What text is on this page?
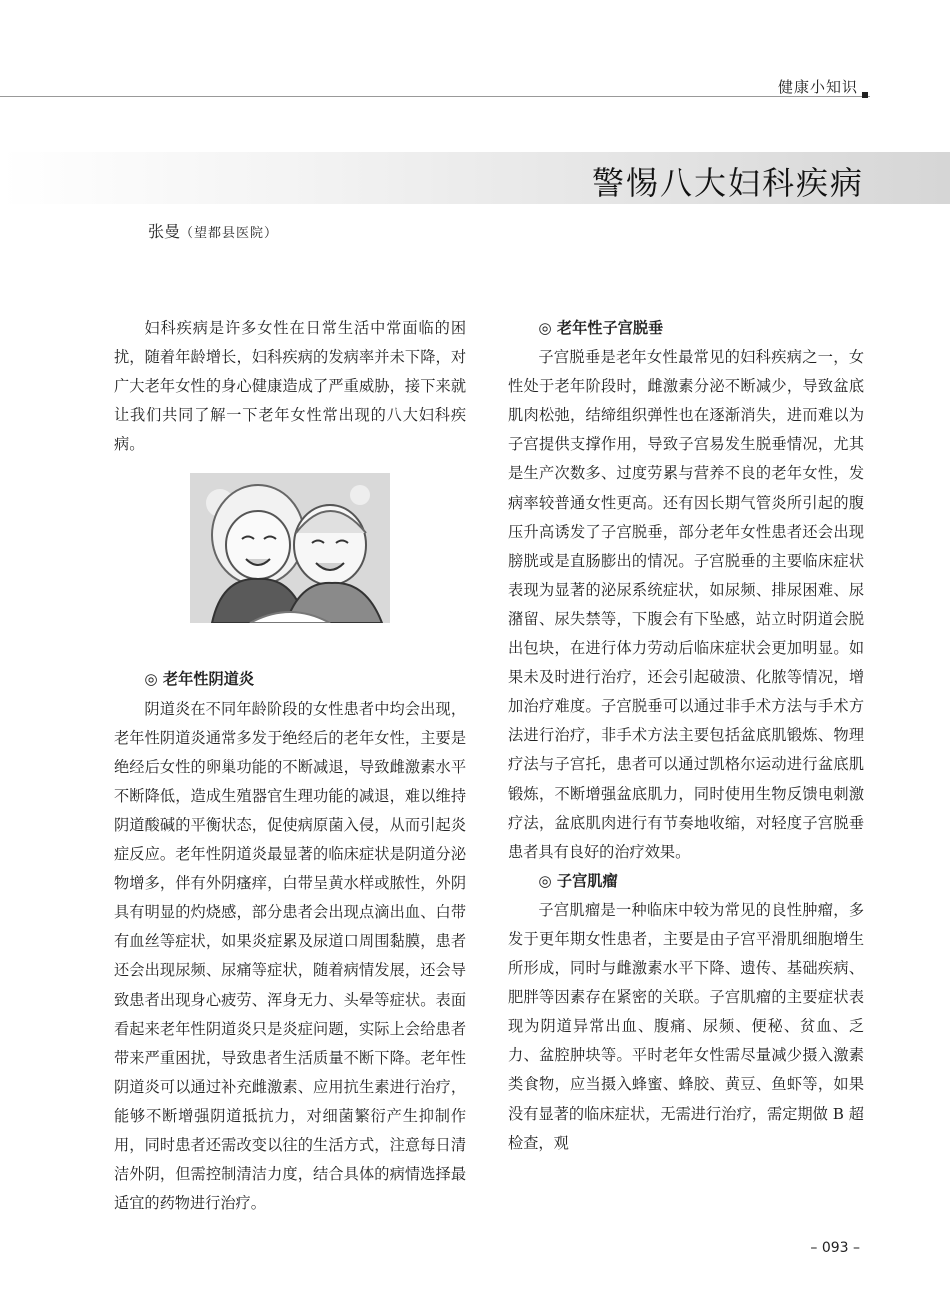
健康小知识
警惕八大妇科疾病
张曼（望都县医院）

妇科疾病是许多女性在日常生活中常面临的困扰，随着年龄增长，妇科疾病的发病率并未下降，对广大老年女性的身心健康造成了严重威胁，接下来就让我们共同了解一下老年女性常出现的八大妇科疾病。

◎ 老年性阴道炎

阴道炎在不同年龄阶段的女性患者中均会出现，老年性阴道炎通常多发于绝经后的老年女性，主要是绝经后女性的卵巢功能的不断减退，导致雌激素水平不断降低，造成生殖器官生理功能的减退，难以维持阴道酸碱的平衡状态，促使病原菌入侵，从而引起炎症反应。老年性阴道炎最显著的临床症状是阴道分泌物增多，伴有外阴瘙痒，白带呈黄水样或脓性，外阴具有明显的灼烧感，部分患者会出现点滴出血、白带有血丝等症状，如果炎症累及尿道口周围黏膜，患者还会出现尿频、尿痛等症状，随着病情发展，还会导致患者出现身心疲劳、浑身无力、头晕等症状。表面看起来老年性阴道炎只是炎症问题，实际上会给患者带来严重困扰，导致患者生活质量不断下降。老年性阴道炎可以通过补充雌激素、应用抗生素进行治疗，能够不断增强阴道抵抗力，对细菌繁衍产生抑制作用，同时患者还需改变以往的生活方式，注意每日清洁外阴，但需控制清洁力度，结合具体的病情选择最适宜的药物进行治疗。

◎ 老年性子宫脱垂

子宫脱垂是老年女性最常见的妇科疾病之一，女性处于老年阶段时，雌激素分泌不断减少，导致盆底肌肉松弛，结缔组织弹性也在逐渐消失，进而难以为子宫提供支撑作用，导致子宫易发生脱垂情况，尤其是生产次数多、过度劳累与营养不良的老年女性，发病率较普通女性更高。还有因长期气管炎所引起的腹压升高诱发了子宫脱垂，部分老年女性患者还会出现膀胱或是直肠膨出的情况。子宫脱垂的主要临床症状表现为显著的泌尿系统症状，如尿频、排尿困难、尿潴留、尿失禁等，下腹会有下坠感，站立时阴道会脱出包块，在进行体力劳动后临床症状会更加明显。如果未及时进行治疗，还会引起破溃、化脓等情况，增加治疗难度。子宫脱垂可以通过非手术方法与手术方法进行治疗，非手术方法主要包括盆底肌锻炼、物理疗法与子宫托，患者可以通过凯格尔运动进行盆底肌锻炼，不断增强盆底肌力，同时使用生物反馈电刺激疗法，盆底肌肉进行有节奏地收缩，对轻度子宫脱垂患者具有良好的治疗效果。

◎ 子宫肌瘤

子宫肌瘤是一种临床中较为常见的良性肿瘤，多发于更年期女性患者，主要是由子宫平滑肌细胞增生所形成，同时与雌激素水平下降、遗传、基础疾病、肥胖等因素存在紧密的关联。子宫肌瘤的主要症状表现为阴道异常出血、腹痛、尿频、便秘、贫血、乏力、盆腔肿块等。平时老年女性需尽量减少摄入激素类食物，应当摄入蜂蜜、蜂胶、黄豆、鱼虾等，如果没有显著的临床症状，无需进行治疗，需定期做 B 超检查，观

– 093 –
